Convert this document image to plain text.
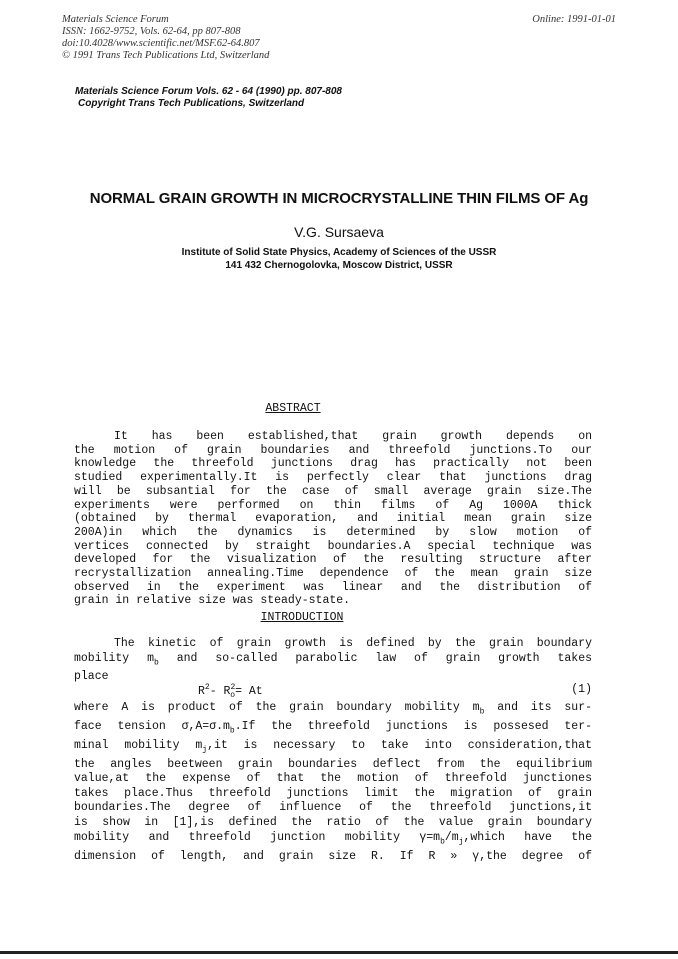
Materials Science Forum
ISSN: 1662-9752, Vols. 62-64, pp 807-808
doi:10.4028/www.scientific.net/MSF.62-64.807
© 1991 Trans Tech Publications Ltd, Switzerland
Online: 1991-01-01
Materials Science Forum Vols. 62 - 64 (1990) pp. 807-808
Copyright Trans Tech Publications, Switzerland
NORMAL GRAIN GROWTH IN MICROCRYSTALLINE THIN FILMS OF Ag
V.G. Sursaeva
Institute of Solid State Physics, Academy of Sciences of the USSR
141 432 Chernogolovka, Moscow District, USSR
ABSTRACT

It has been established,that grain growth depends on

the motion of grain boundaries and threefold junctions.To our

knowledge the threefold junctions drag has practically not been

studied experimentally.It is perfectly clear that junctions drag

will be subsantial for the case of small average grain size.The

experiments were performed on thin films of Ag 1000A thick

(obtained by thermal evaporation, and initial mean grain size

200A)in which the dynamics is determined by slow motion of

vertices connected by straight boundaries.A special technique was

developed for the visualization of the resulting structure after

recrystallization annealing.Time dependence of the mean grain size

observed in the experiment was linear and the distribution of

grain in relative size was steady-state.

INTRODUCTION

The kinetic of grain growth is defined by the grain boundary

mobility $m_b$ and so-called parabolic law of grain growth takes

place

$R^2-$ $R^2_o= At$	(1)

where A is product of the grain boundary mobility $m_b$ and its sur-

face tension $\sigma,A=\sigma.m_b.If$ the threefold junctions is possesed ter-

minal mobility $m_j,it$ is necessary to take into consideration,that

the angles beetween grain boundaries deflect from the equilibrium

value,at the expense of that the motion of threefold junctiones

takes place.Thus threefold junctions limit the migration of grain

boundaries.The degree of influence of the threefold junctions,it

is show in [1],is defined the ratio of the value grain boundary

mobility and threefold junction mobility $\gamma=m_b/m_j,which$ have the

dimension of length, and grain size R. If R » γ,the degree of
